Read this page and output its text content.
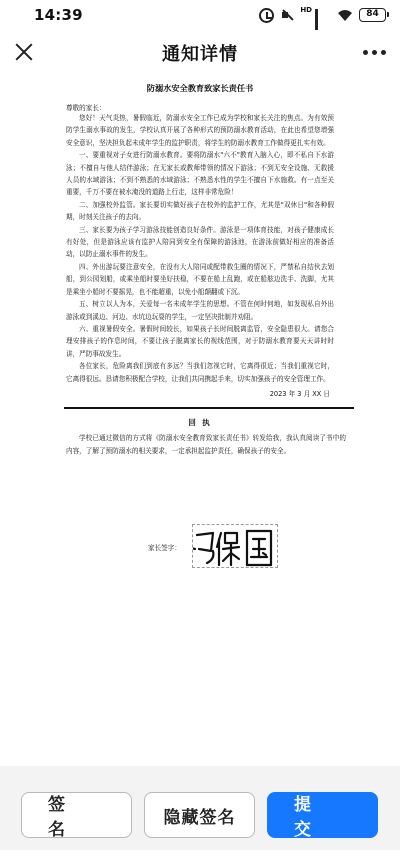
14:39	HD	84
通知详情
防溺水安全教育致家长责任书
尊敬的家长：
您好！天气炎热，暑假临近，防溺水安全工作已成为学校和家长关注的焦点。为有效预防学生溺水事故的发生，学校认真开展了各种形式的预防溺水教育活动，在此也希望您增强安全意识，坚决担负起未成年学生的监护职责，将学生的防溺水教育工作做得更扎实有效。
一、要重视对子女进行防溺水教育。要将防溺水"六不"教育入脑入心，即不私自下水游泳；不擅自与他人结伴游泳；在无家长或教师带领的情况下游泳；不到无安全设施、无救援人员的水域游泳；不到不熟悉的水域游泳；不熟悉水性的学生不擅自下水施救。有一点至关重要，千万不要在被水淹没的道路上行走，这样非常危险！
二、加强校外监管。家长要切实做好孩子在校外的监护工作，尤其是"双休日"和各种假期，时刻关注孩子的去向。
三、家长要为孩子学习游泳技能创造良好条件。游泳是一项体育技能，对孩子健康成长有好处，但是游泳应该有监护人陪同到安全有保障的游泳池，在游泳前做好相应的准备活动，以防止溺水事件的发生。
四、外出游玩要注意安全，在没有大人陪同或配带救生圈的情况下，严禁私自结伙去划船，到公园划船，或乘坐船时要坐好扶稳，不要在船上乱跑，或在船舷边洗手、洗脚，尤其是乘坐小船时不要摇晃，也不能超重，以免小船颠翻或下沉。
五、树立以人为本，关爱每一名未成年学生的思想。不管在何时何地，如发现私自外出游泳或到溪边、河边、水坑边玩耍的学生，一定坚决批制并劝阻。
六、重视暑假安全。暑假时间较长，如果孩子长时间脱离监管，安全隐患很大。请您合理安排孩子的作息时间，不要让孩子脱离家长的视线范围，对于防溺水教育要天天讲时时讲，严防事故发生。
各位家长，危险离我们到底有多远？当我们忽视它时，它离得很近；当我们重视它时，它离得很远。恳请您积极配合学校，让我们共同携起手来，切实加强孩子的安全管理工作。
2023 年 3 月 XX 日
回 执
学校已通过微信的方式将《防溺水安全教育致家长责任书》转发给我，我认真阅读了书中的内容，了解了预防溺水的相关要求，一定承担起监护责任，确保孩子的安全。
家长签字：
签名
隐藏签名
提交
